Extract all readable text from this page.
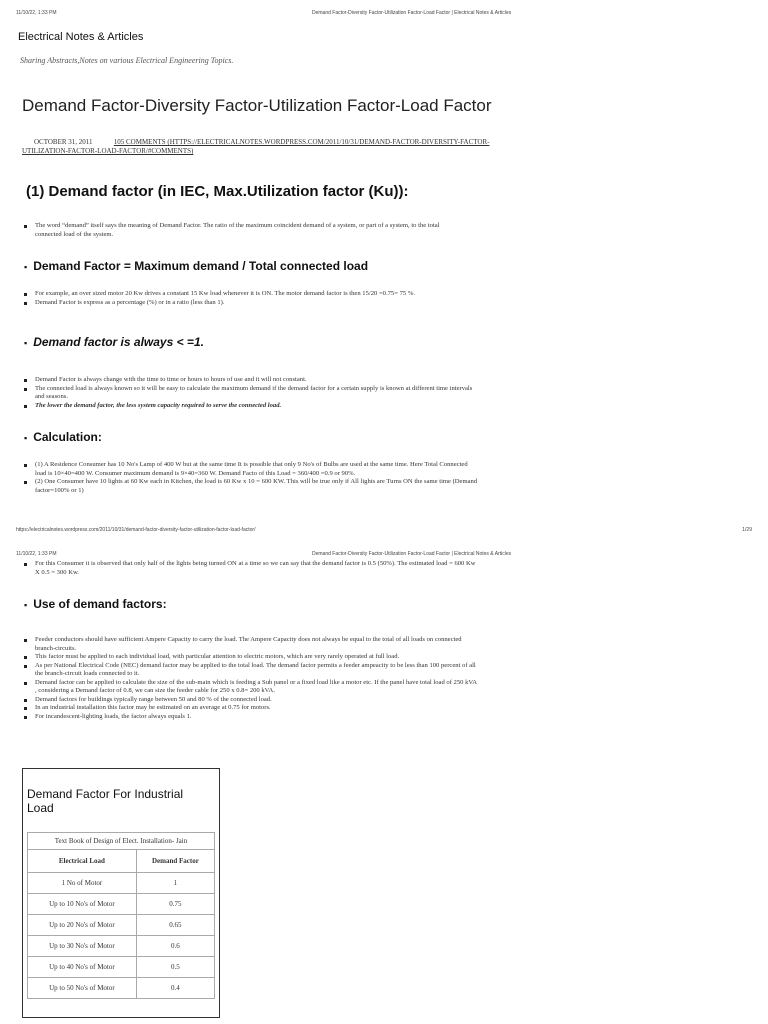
11/10/22, 1:33 PM	Demand Factor-Diversity Factor-Utilization Factor-Load Factor | Electrical Notes & Articles
Electrical Notes & Articles
Sharing Abstracts,Notes on various Electrical Engineering Topics.
Demand Factor-Diversity Factor-Utilization Factor-Load Factor
OCTOBER 31, 2011	105 COMMENTS (HTTPS://ELECTRICALNOTES.WORDPRESS.COM/2011/10/31/DEMAND-FACTOR-DIVERSITY-FACTOR-UTILIZATION-FACTOR-LOAD-FACTOR/#COMMENTS)
(1) Demand factor (in IEC, Max.Utilization factor (Ku)):
The word “demand” itself says the meaning of Demand Factor. The ratio of the maximum coincident demand of a system, or part of a system, to the total connected load of the system.
▪ Demand Factor = Maximum demand / Total connected load
For example, an over sized motor 20 Kw drives a constant 15 Kw load whenever it is ON. The motor demand factor is then 15/20 =0.75= 75 %.
Demand Factor is express as a percentage (%) or in a ratio (less than 1).
▪ Demand factor is always < =1.
Demand Factor is always change with the time to time or hours to hours of use and it will not constant.
The connected load is always known so it will be easy to calculate the maximum demand if the demand factor for a certain supply is known at different time intervals and seasons.
The lower the demand factor, the less system capacity required to serve the connected load.
▪ Calculation:
(1) A Residence Consumer has 10 No's Lamp of 400 W but at the same time It is possible that only 9 No's of Bulbs are used at the same time. Here Total Connected load is 10×40=400 W. Consumer maximum demand is 9×40=360 W. Demand Facto of this Load = 360/400 =0.9 or 90%.
(2) One Consumer have 10 lights at 60 Kw each in Kitchen, the load is 60 Kw x 10 = 600 KW. This will be true only if All lights are Turns ON the same time (Demand factor=100% or 1)
https://electricalnotes.wordpress.com/2011/10/31/demand-factor-diversity-factor-utilization-factor-load-factor/	1/29
11/10/22, 1:33 PM	Demand Factor-Diversity Factor-Utilization Factor-Load Factor | Electrical Notes & Articles
For this Consumer it is observed that only half of the lights being turned ON at a time so we can say that the demand factor is 0.5 (50%). The estimated load = 600 Kw X 0.5 = 300 Kw.
▪ Use of demand factors:
Feeder conductors should have sufficient Ampere Capacity to carry the load. The Ampere Capacity does not always be equal to the total of all loads on connected branch-circuits.
This factor must be applied to each individual load, with particular attention to electric motors, which are very rarely operated at full load.
As per National Electrical Code (NEC) demand factor may be applied to the total load. The demand factor permits a feeder ampeacity to be less than 100 percent of all the branch-circuit loads connected to it.
Demand factor can be applied to calculate the size of the sub-main which is feeding a Sub panel or a fixed load like a motor etc. If the panel have total load of 250 kVA , considering a Demand factor of 0.8, we can size the feeder cable for 250 x 0.8= 200 kVA.
Demand factors for buildings typically range between 50 and 80 % of the connected load.
In an industrial installation this factor may be estimated on an average at 0.75 for motors.
For incandescent-lighting loads, the factor always equals 1.
Demand Factor For Industrial Load
Text Book of Design of Elect. Installation- Jain	
Electrical Load	Demand Factor
1 No of Motor	1
Up to 10 No's of Motor	0.75
Up to 20 No's of Motor	0.65
Up to 30 No's of Motor	0.6
Up to 40 No's of Motor	0.5
Up to 50 No's of Motor	0.4
